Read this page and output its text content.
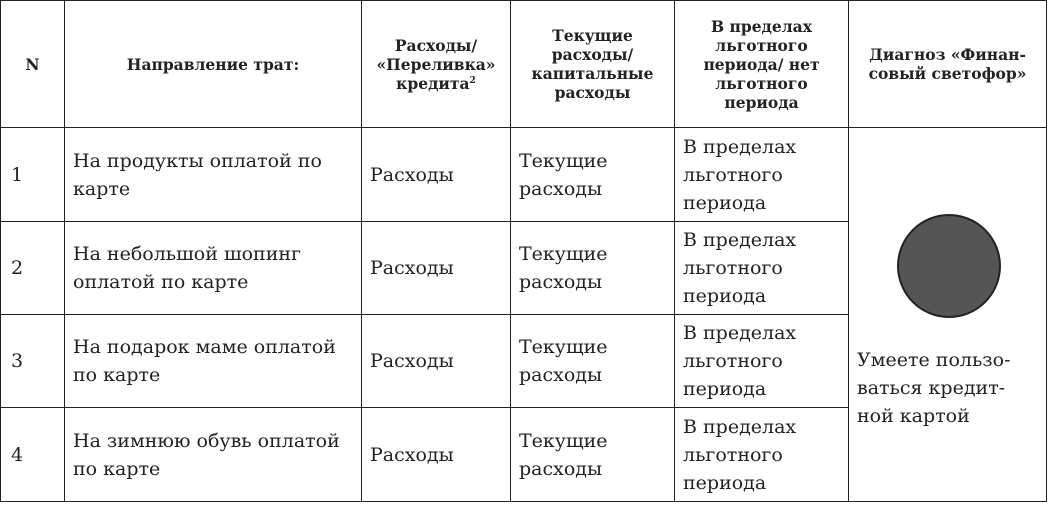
N	Направление трат:	Расходы/ «Переливка» кредита$^2$	Текущие расходы/ капитальные расходы	В пределах льготного периода/ нет льготного периода	Диагноз «Финан-совый светофор»
1	На продукты оплатой по карте	Расходы	Текущие расходы	В пределах льготного периода	Умеете пользо-ваться кредит-ной картой

2	На небольшой шопинг оплатой по карте	Расходы	Текущие расходы	В пределах льготного периода	
3	На подарок маме оплатой по карте	Расходы	Текущие расходы	В пределах льготного периода	
4	На зимнюю обувь оплатой по карте	Расходы	Текущие расходы	В пределах льготного периода	
